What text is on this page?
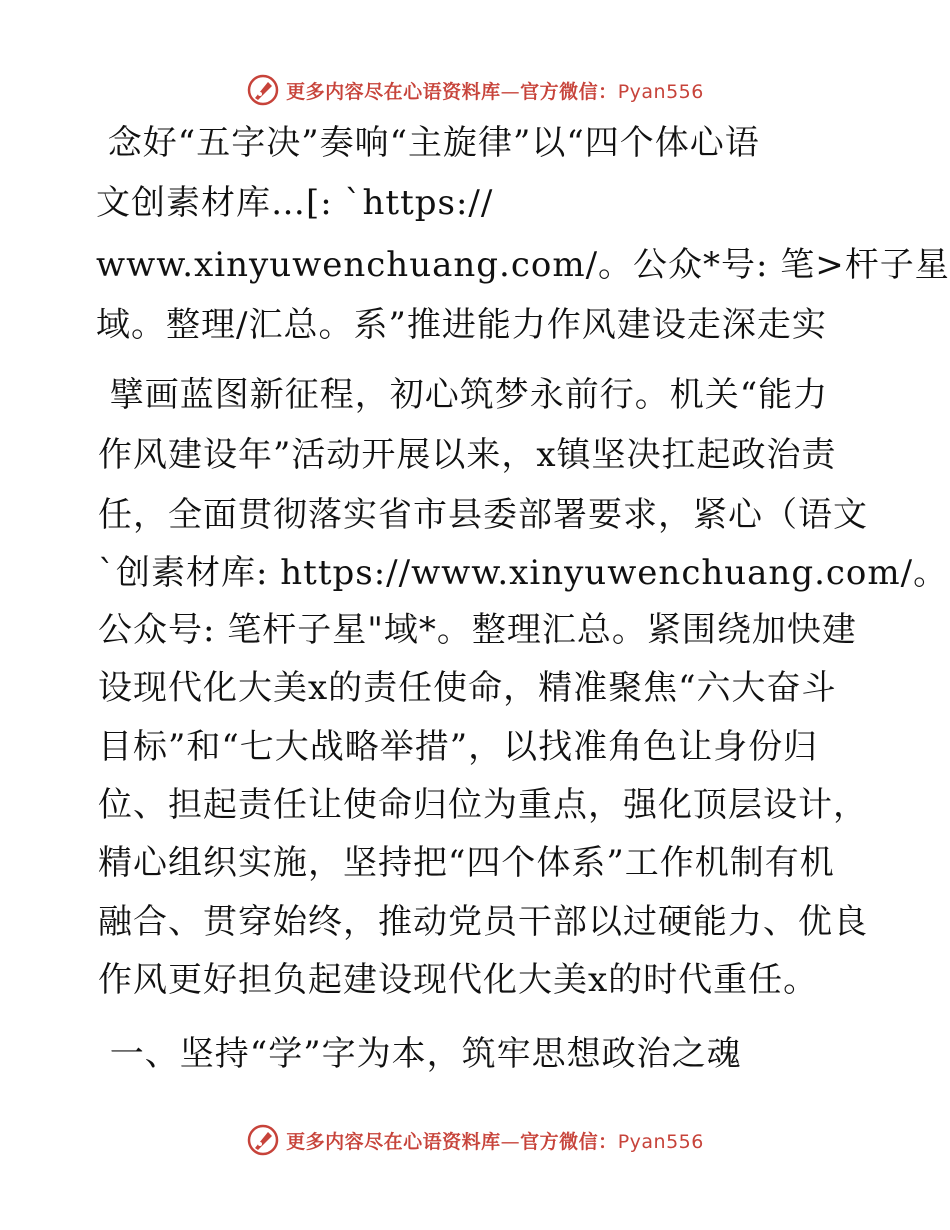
更多内容尽在心语资料库—官方微信：Pyan556
念好“五字决”奏响“主旋律”以“四个体心语
文创素材库…[: `https://
www.xinyuwenchuang.com/。公众*号: 笔>杆子星
域。整理/汇总。系”推进能力作风建设走深走实
擘画蓝图新征程，初心筑梦永前行。机关“能力
作风建设年”活动开展以来，x镇坚决扛起政治责
任，全面贯彻落实省市县委部署要求，紧心（语文
`创素材库: https://www.xinyuwenchuang.com/。
公众号: 笔杆子星"域*。整理汇总。紧围绕加快建
设现代化大美x的责任使命，精准聚焦“六大奋斗
目标”和“七大战略举措”，以找准角色让身份归
位、担起责任让使命归位为重点，强化顶层设计，
精心组织实施，坚持把“四个体系”工作机制有机
融合、贯穿始终，推动党员干部以过硬能力、优良
作风更好担负起建设现代化大美x的时代重任。
一、坚持“学”字为本，筑牢思想政治之魂
更多内容尽在心语资料库—官方微信：Pyan556
